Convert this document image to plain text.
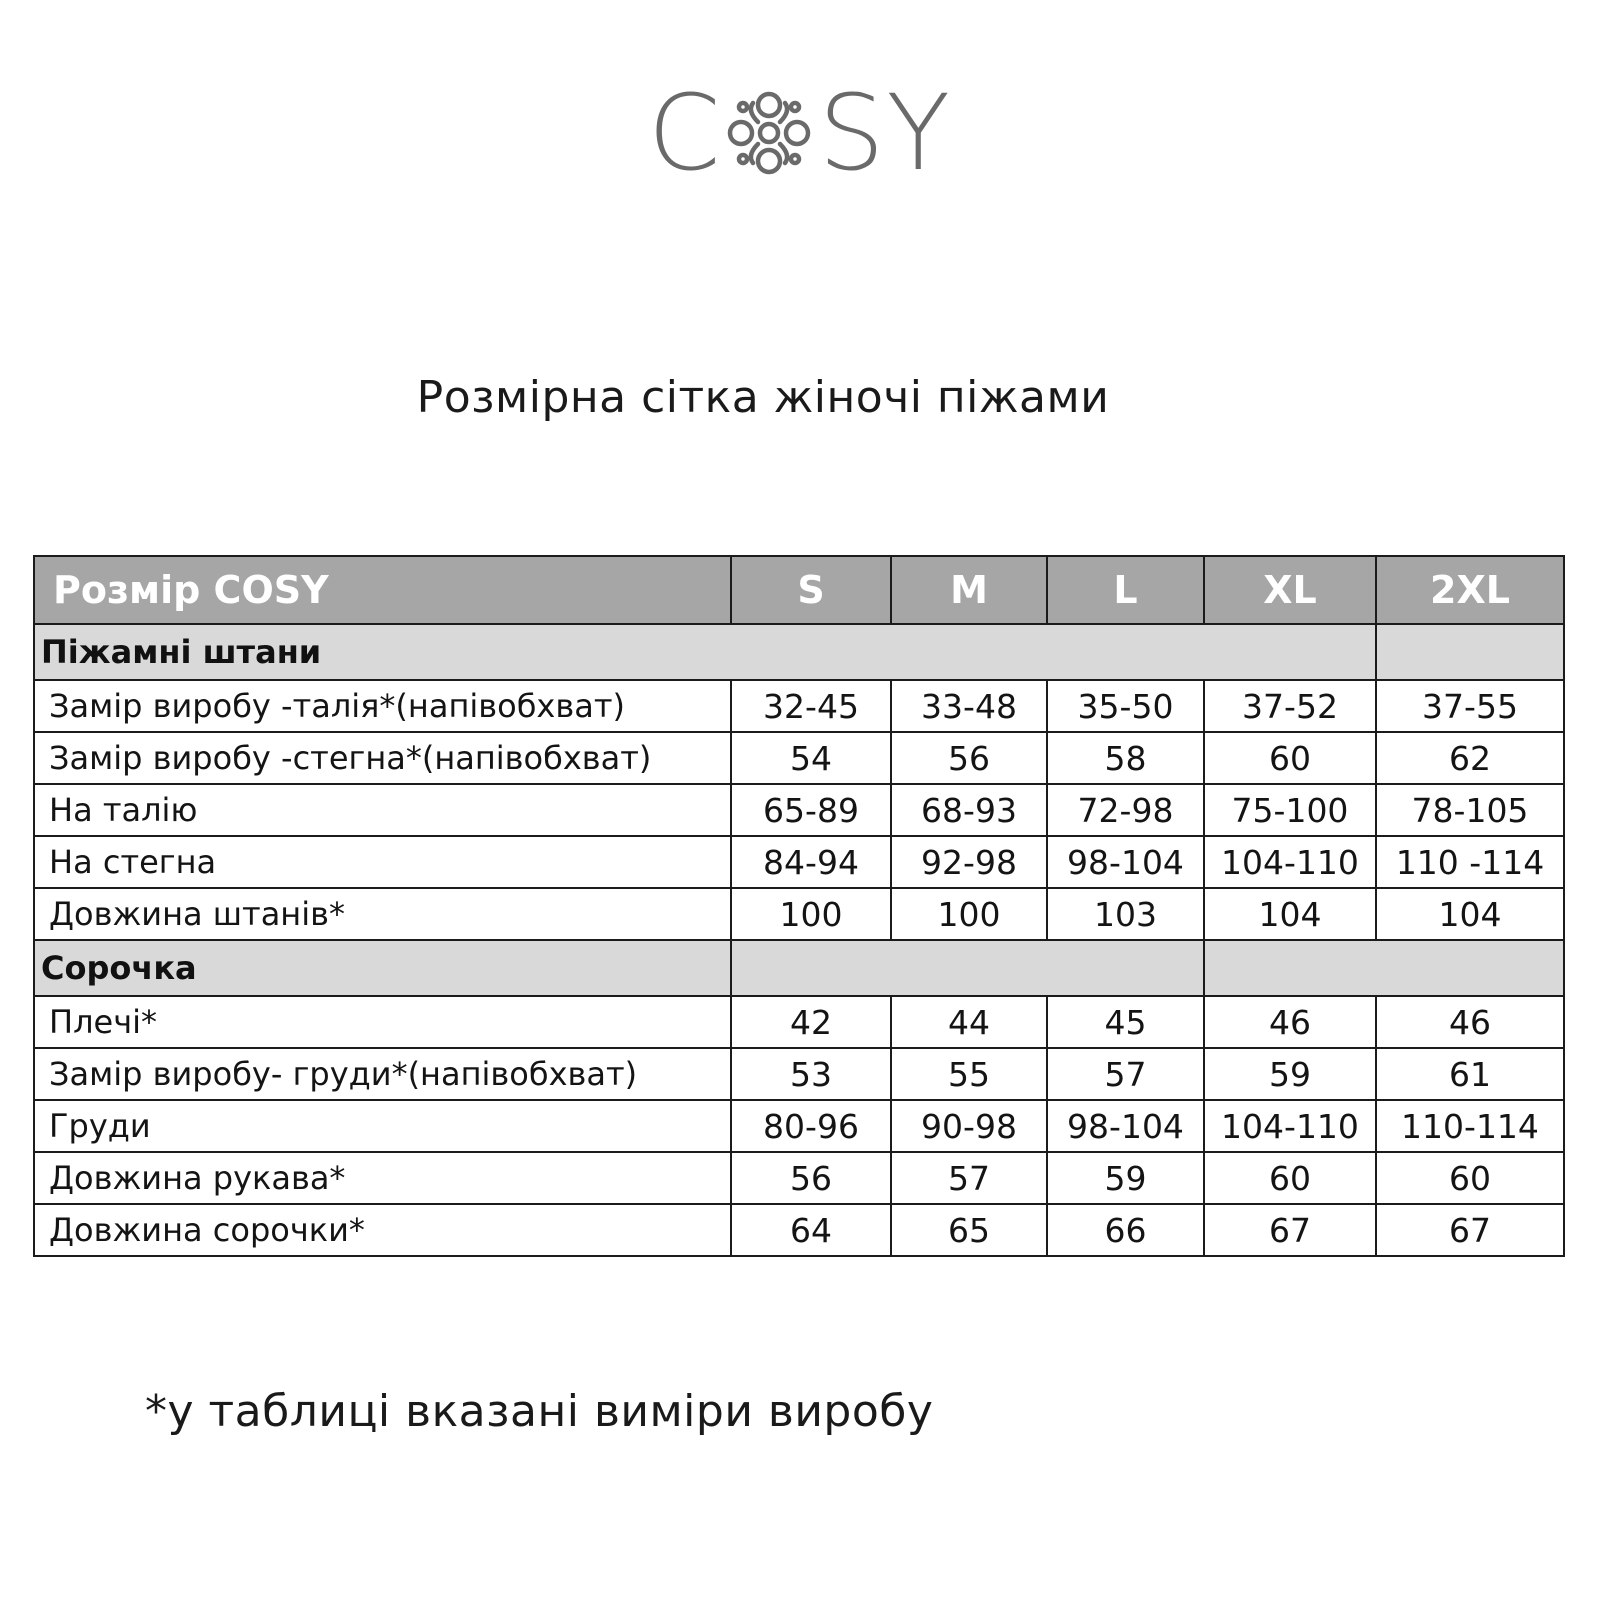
C S Y
Розмірна сітка жіночі піжами
Розмір COSY	S	M	L	XL	2XL
Піжамні штани					
Замір виробу -талія*(напівобхват)	32-45	33-48	35-50	37-52	37-55
Замір виробу -стегна*(напівобхват)	54	56	58	60	62
На талію	65-89	68-93	72-98	75-100	78-105
На стегна	84-94	92-98	98-104	104-110	110 -114
Довжина штанів*	100	100	103	104	104
Сорочка					
Плечі*	42	44	45	46	46
Замір виробу- груди*(напівобхват)	53	55	57	59	61
Груди	80-96	90-98	98-104	104-110	110-114
Довжина рукава*	56	57	59	60	60
Довжина сорочки*	64	65	66	67	67
*у таблиці вказані виміри виробу
